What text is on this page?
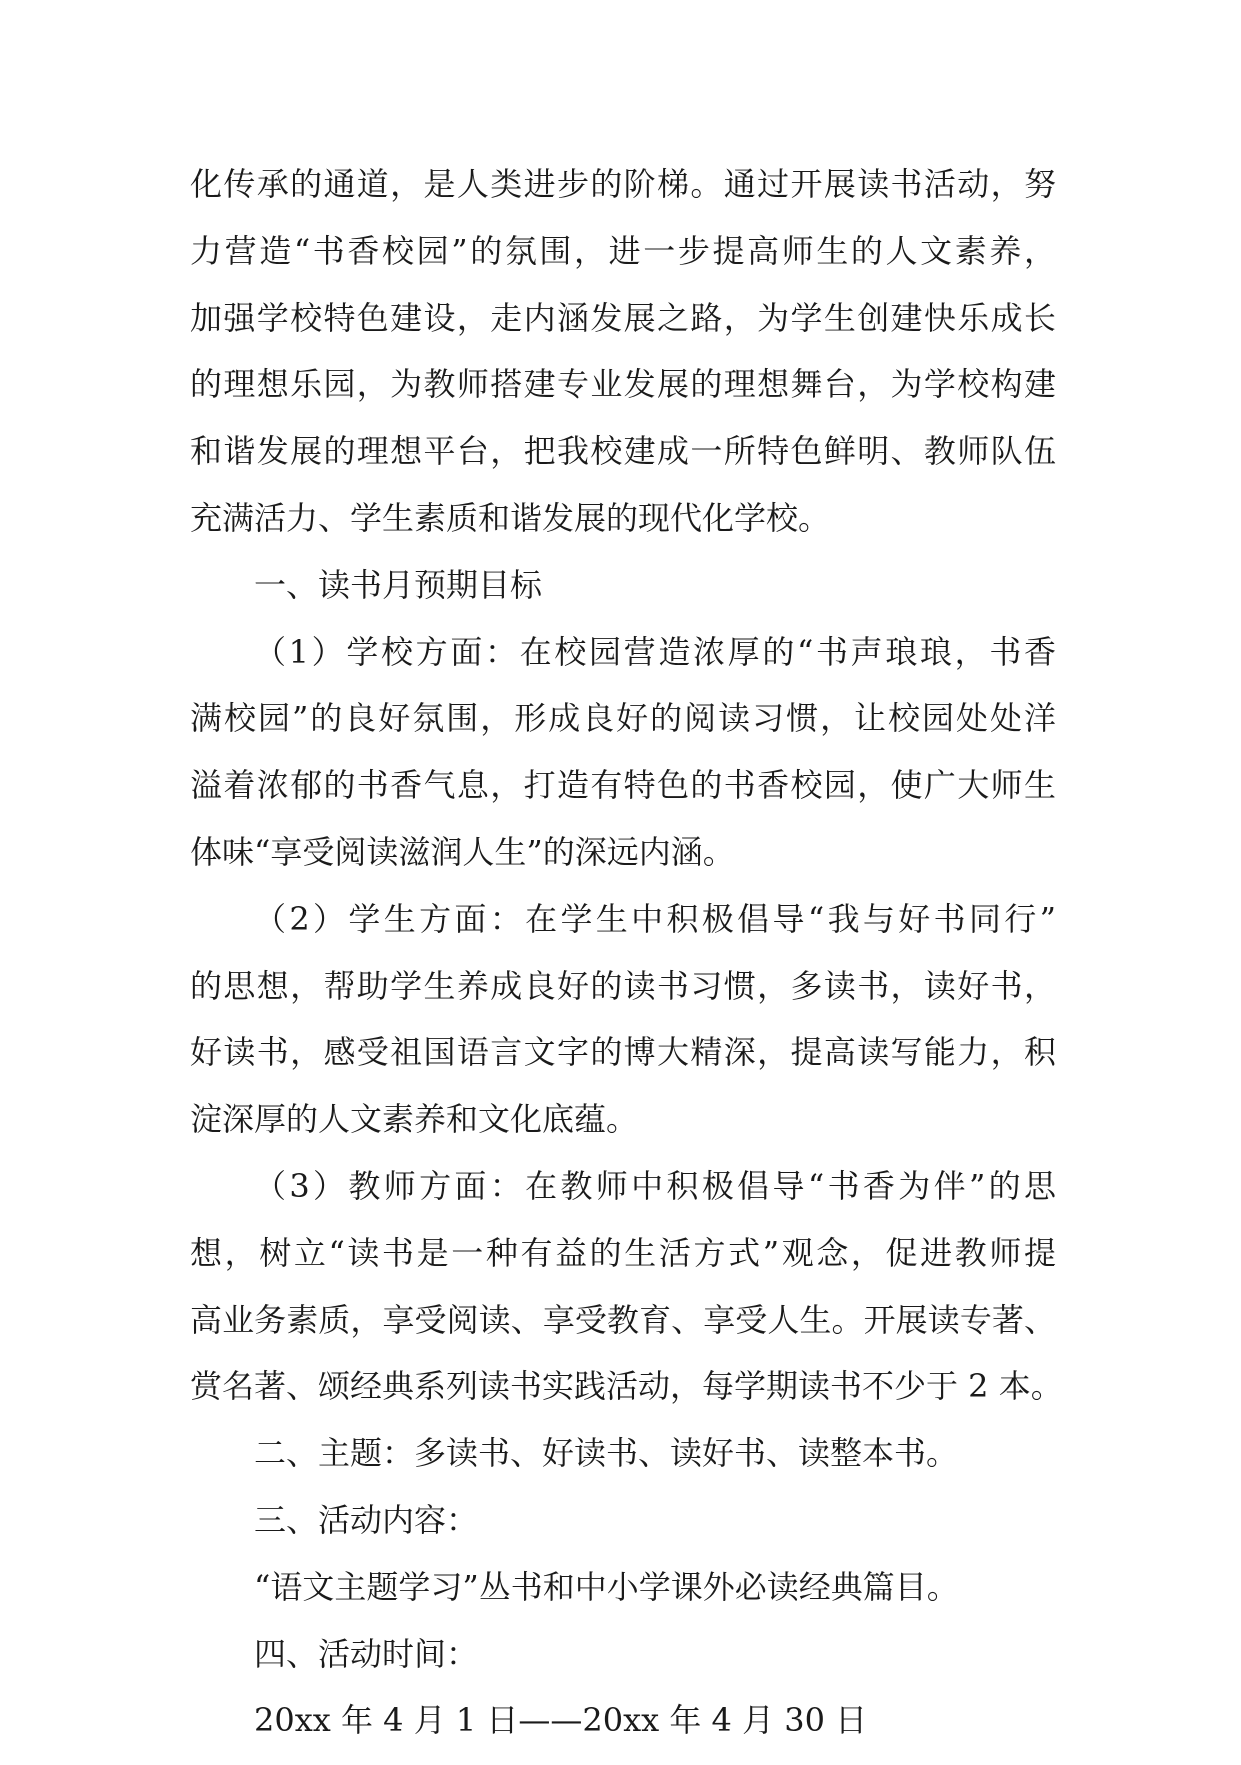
化传承的通道，是人类进步的阶梯。通过开展读书活动，努
力营造“书香校园”的氛围，进一步提高师生的人文素养，
加强学校特色建设，走内涵发展之路，为学生创建快乐成长
的理想乐园，为教师搭建专业发展的理想舞台，为学校构建
和谐发展的理想平台，把我校建成一所特色鲜明、教师队伍
充满活力、学生素质和谐发展的现代化学校。
一、读书月预期目标
（1）学校方面：在校园营造浓厚的“书声琅琅，书香
满校园”的良好氛围，形成良好的阅读习惯，让校园处处洋
溢着浓郁的书香气息，打造有特色的书香校园，使广大师生
体味“享受阅读滋润人生”的深远内涵。
（2）学生方面：在学生中积极倡导“我与好书同行”
的思想，帮助学生养成良好的读书习惯，多读书，读好书，
好读书，感受祖国语言文字的博大精深，提高读写能力，积
淀深厚的人文素养和文化底蕴。
（3）教师方面：在教师中积极倡导“书香为伴”的思
想，树立“读书是一种有益的生活方式”观念，促进教师提
高业务素质，享受阅读、享受教育、享受人生。开展读专著、
赏名著、颂经典系列读书实践活动，每学期读书不少于 2 本。
二、主题：多读书、好读书、读好书、读整本书。
三、活动内容：
“语文主题学习”丛书和中小学课外必读经典篇目。
四、活动时间：
20xx 年 4 月 1 日——20xx 年 4 月 30 日
